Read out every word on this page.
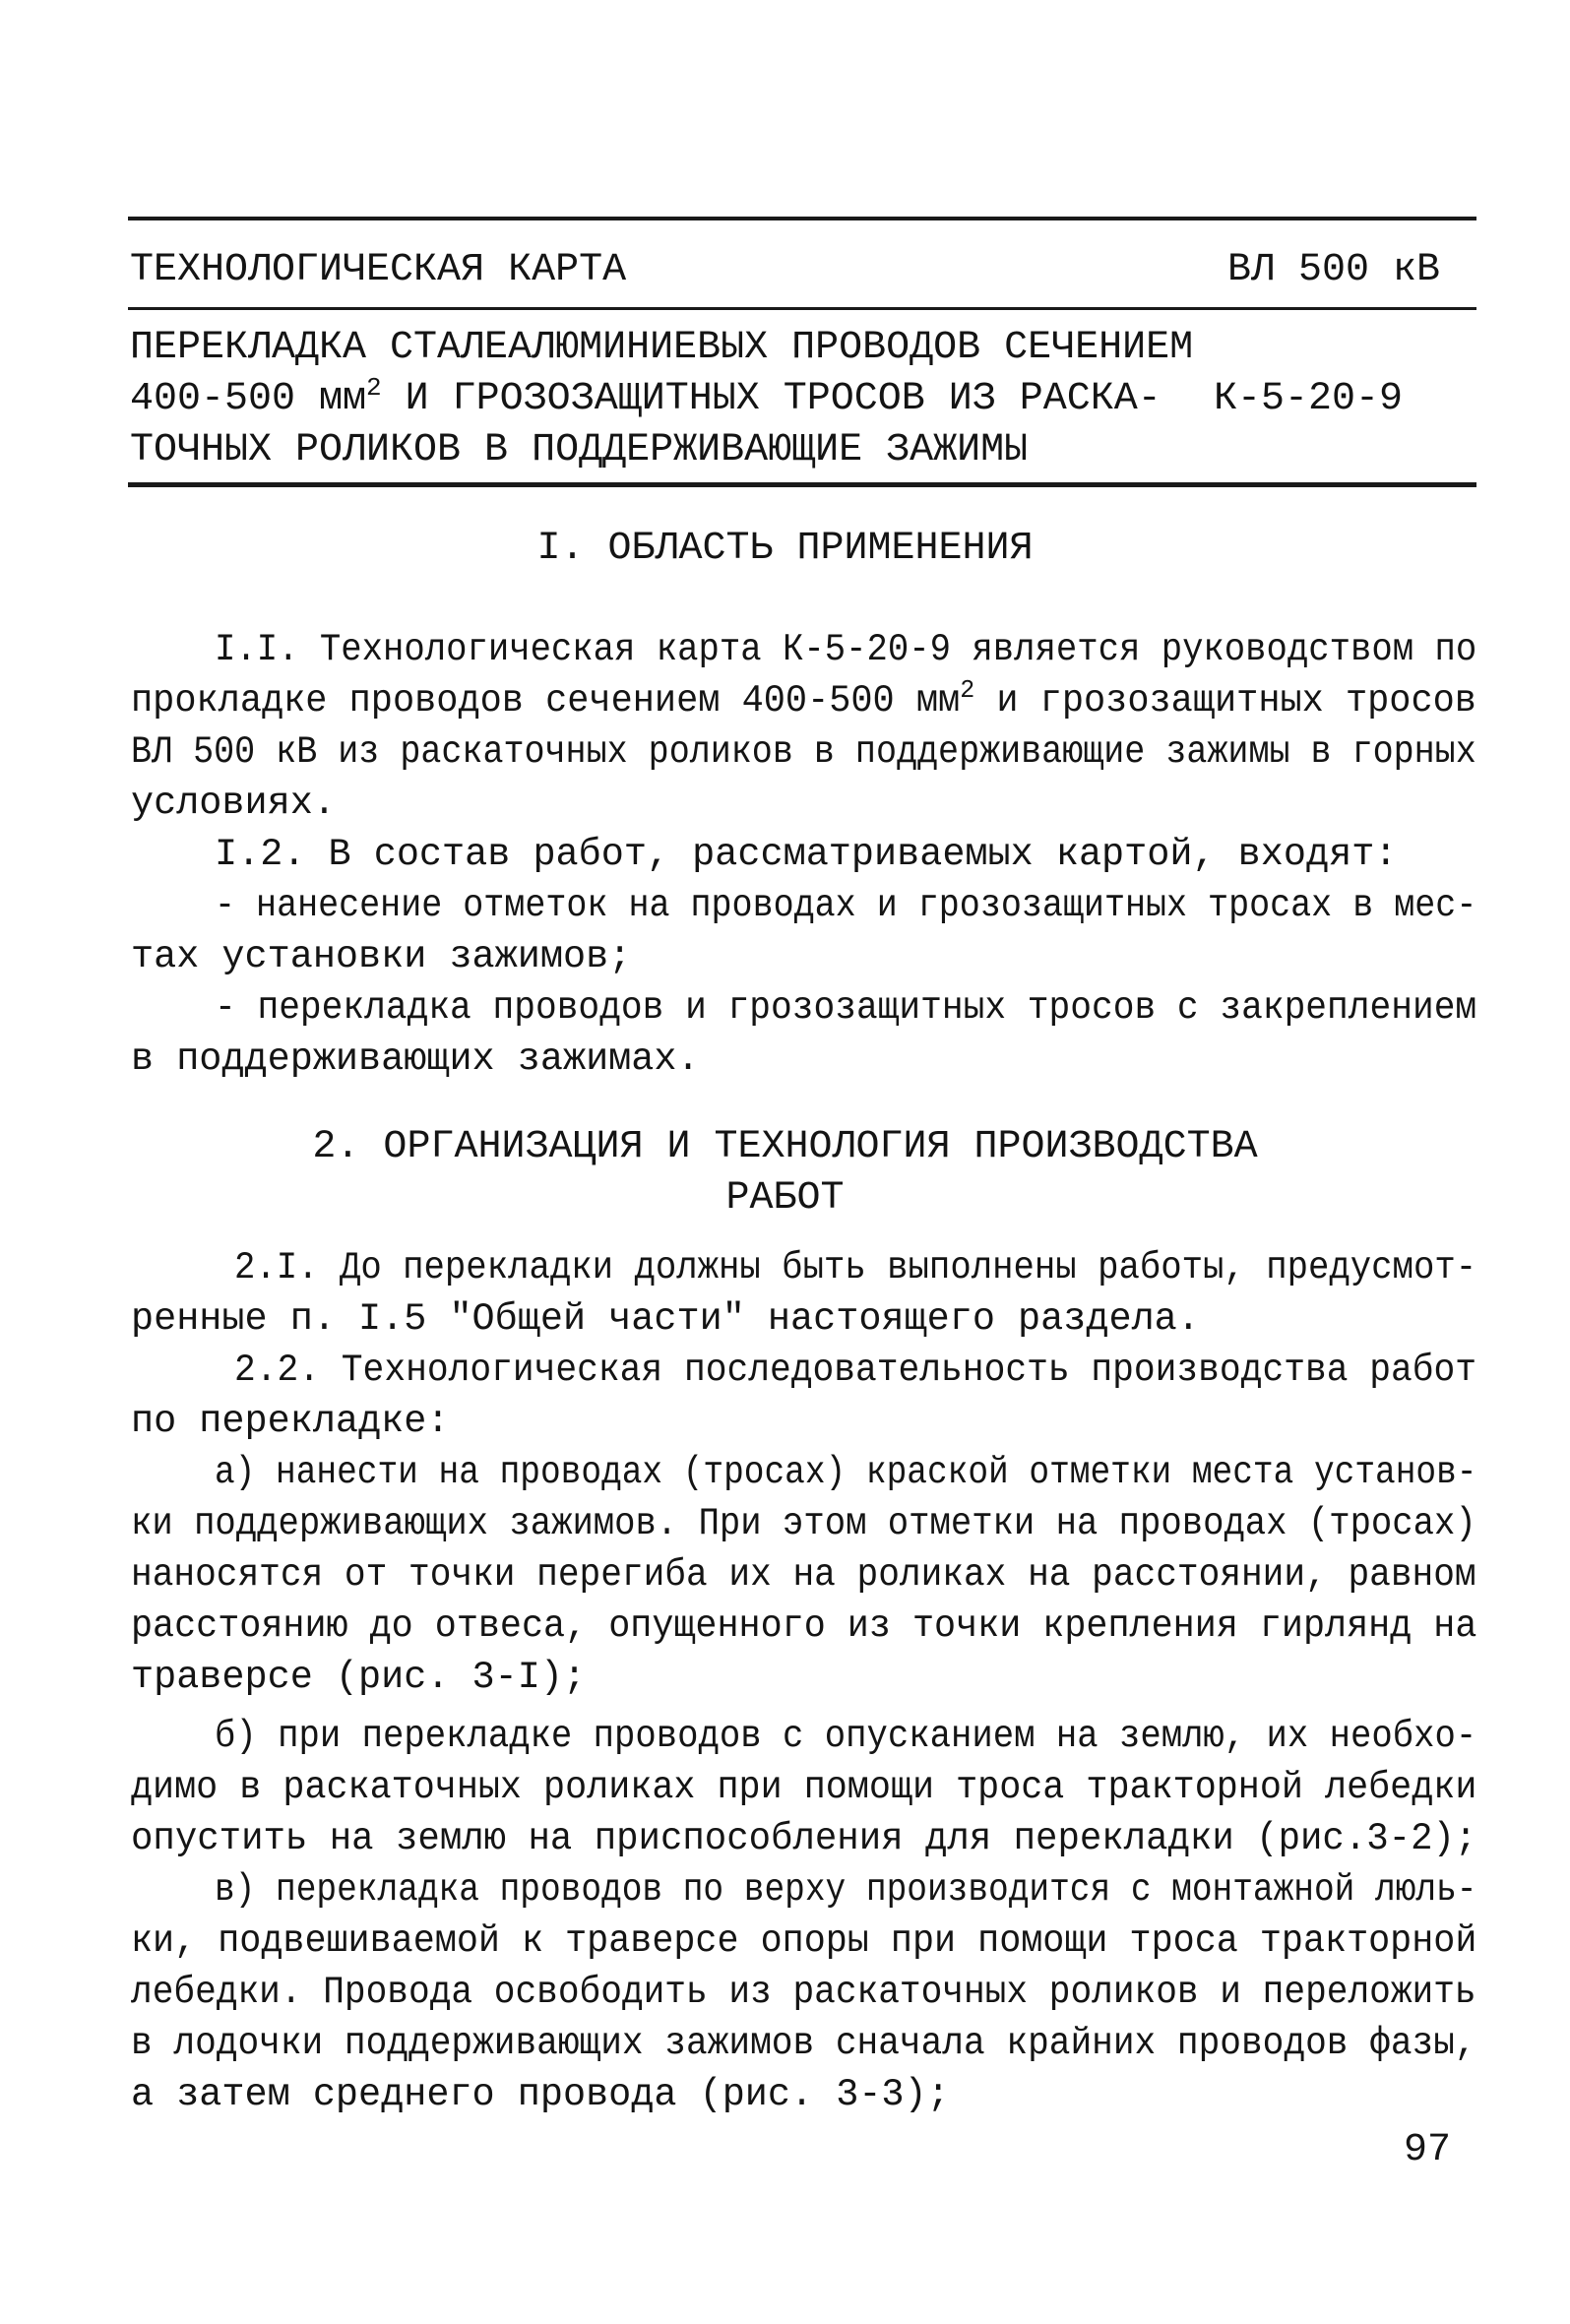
ТЕХНОЛОГИЧЕСКАЯ КАРТА	ВЛ 500 кВ
ПЕРЕКЛАДКА СТАЛЕАЛЮМИНИЕВЫХ ПРОВОДОВ СЕЧЕНИЕМ
400-500 $мм^2$ И ГРОЗОЗАЩИТНЫХ ТРОСОВ ИЗ РАСКА-
ТОЧНЫХ РОЛИКОВ В ПОДДЕРЖИВАЮЩИЕ ЗАЖИМЫ
К-5-20-9
I. ОБЛАСТЬ ПРИМЕНЕНИЯ
I.I. Технологическая карта К-5-20-9 является руководством по
прокладке проводов сечением 400-500 $мм^2$ и грозозащитных тросов
ВЛ 500 кВ из раскаточных роликов в поддерживающие зажимы в горных
условиях.
I.2. В состав работ, рассматриваемых картой, входят:
- нанесение отметок на проводах и грозозащитных тросах в мес-
тах установки зажимов;
- перекладка проводов и грозозащитных тросов с закреплением
в поддерживающих зажимах.
2. ОРГАНИЗАЦИЯ И ТЕХНОЛОГИЯ ПРОИЗВОДСТВА
РАБОТ
2.I. До перекладки должны быть выполнены работы, предусмот-
ренные п. I.5 "Общей части" настоящего раздела.
2.2. Технологическая последовательность производства работ
по перекладке:
а) нанести на проводах (тросах) краской отметки места установ-
ки поддерживающих зажимов. При этом отметки на проводах (тросах)
наносятся от точки перегиба их на роликах на расстоянии, равном
расстоянию до отвеса, опущенного из точки крепления гирлянд на
траверсе (рис. 3-I);
б) при перекладке проводов с опусканием на землю, их необхо-
димо в раскаточных роликах при помощи троса тракторной лебедки
опустить на землю на приспособления для перекладки (рис.3-2);
в) перекладка проводов по верху производится с монтажной люль-
ки, подвешиваемой к траверсе опоры при помощи троса тракторной
лебедки. Провода освободить из раскаточных роликов и переложить
в лодочки поддерживающих зажимов сначала крайних проводов фазы,
а затем среднего провода (рис. 3-3);
97
